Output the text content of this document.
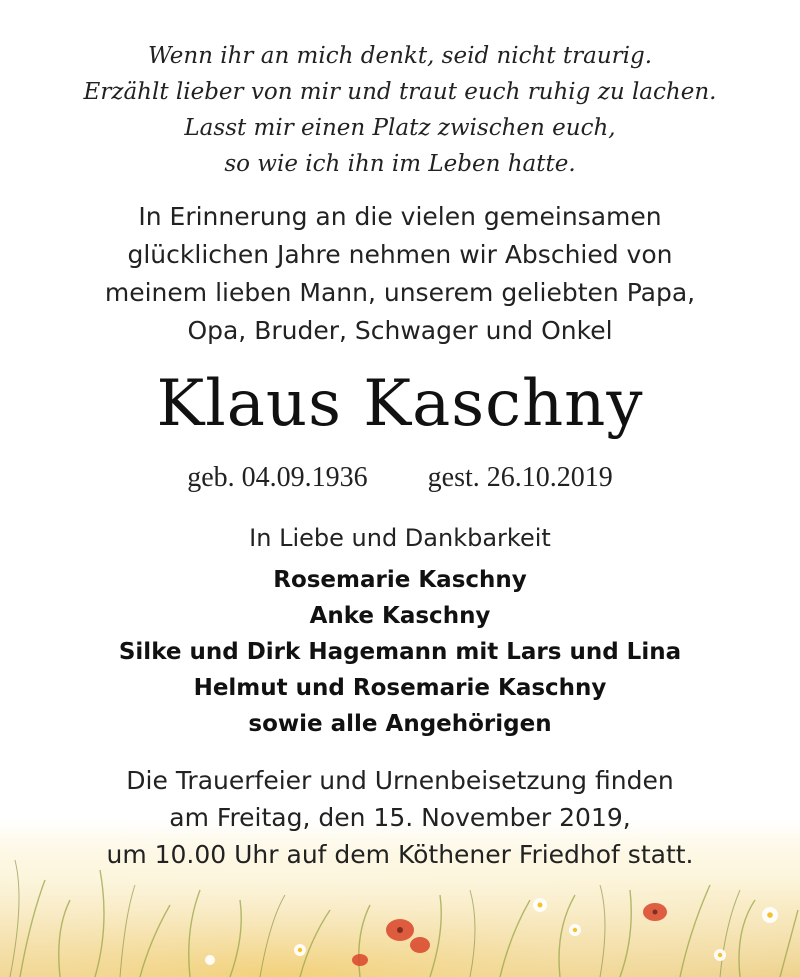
Wenn ihr an mich denkt, seid nicht traurig.
Erzählt lieber von mir und traut euch ruhig zu lachen.
Lasst mir einen Platz zwischen euch,
so wie ich ihn im Leben hatte.
In Erinnerung an die vielen gemeinsamen
glücklichen Jahre nehmen wir Abschied von
meinem lieben Mann, unserem geliebten Papa,
Opa, Bruder, Schwager und Onkel
Klaus Kaschny
geb. 04.09.1936 gest. 26.10.2019
In Liebe und Dankbarkeit
Rosemarie Kaschny
Anke Kaschny
Silke und Dirk Hagemann mit Lars und Lina
Helmut und Rosemarie Kaschny
sowie alle Angehörigen
Die Trauerfeier und Urnenbeisetzung finden
am Freitag, den 15. November 2019,
um 10.00 Uhr auf dem Köthener Friedhof statt.
